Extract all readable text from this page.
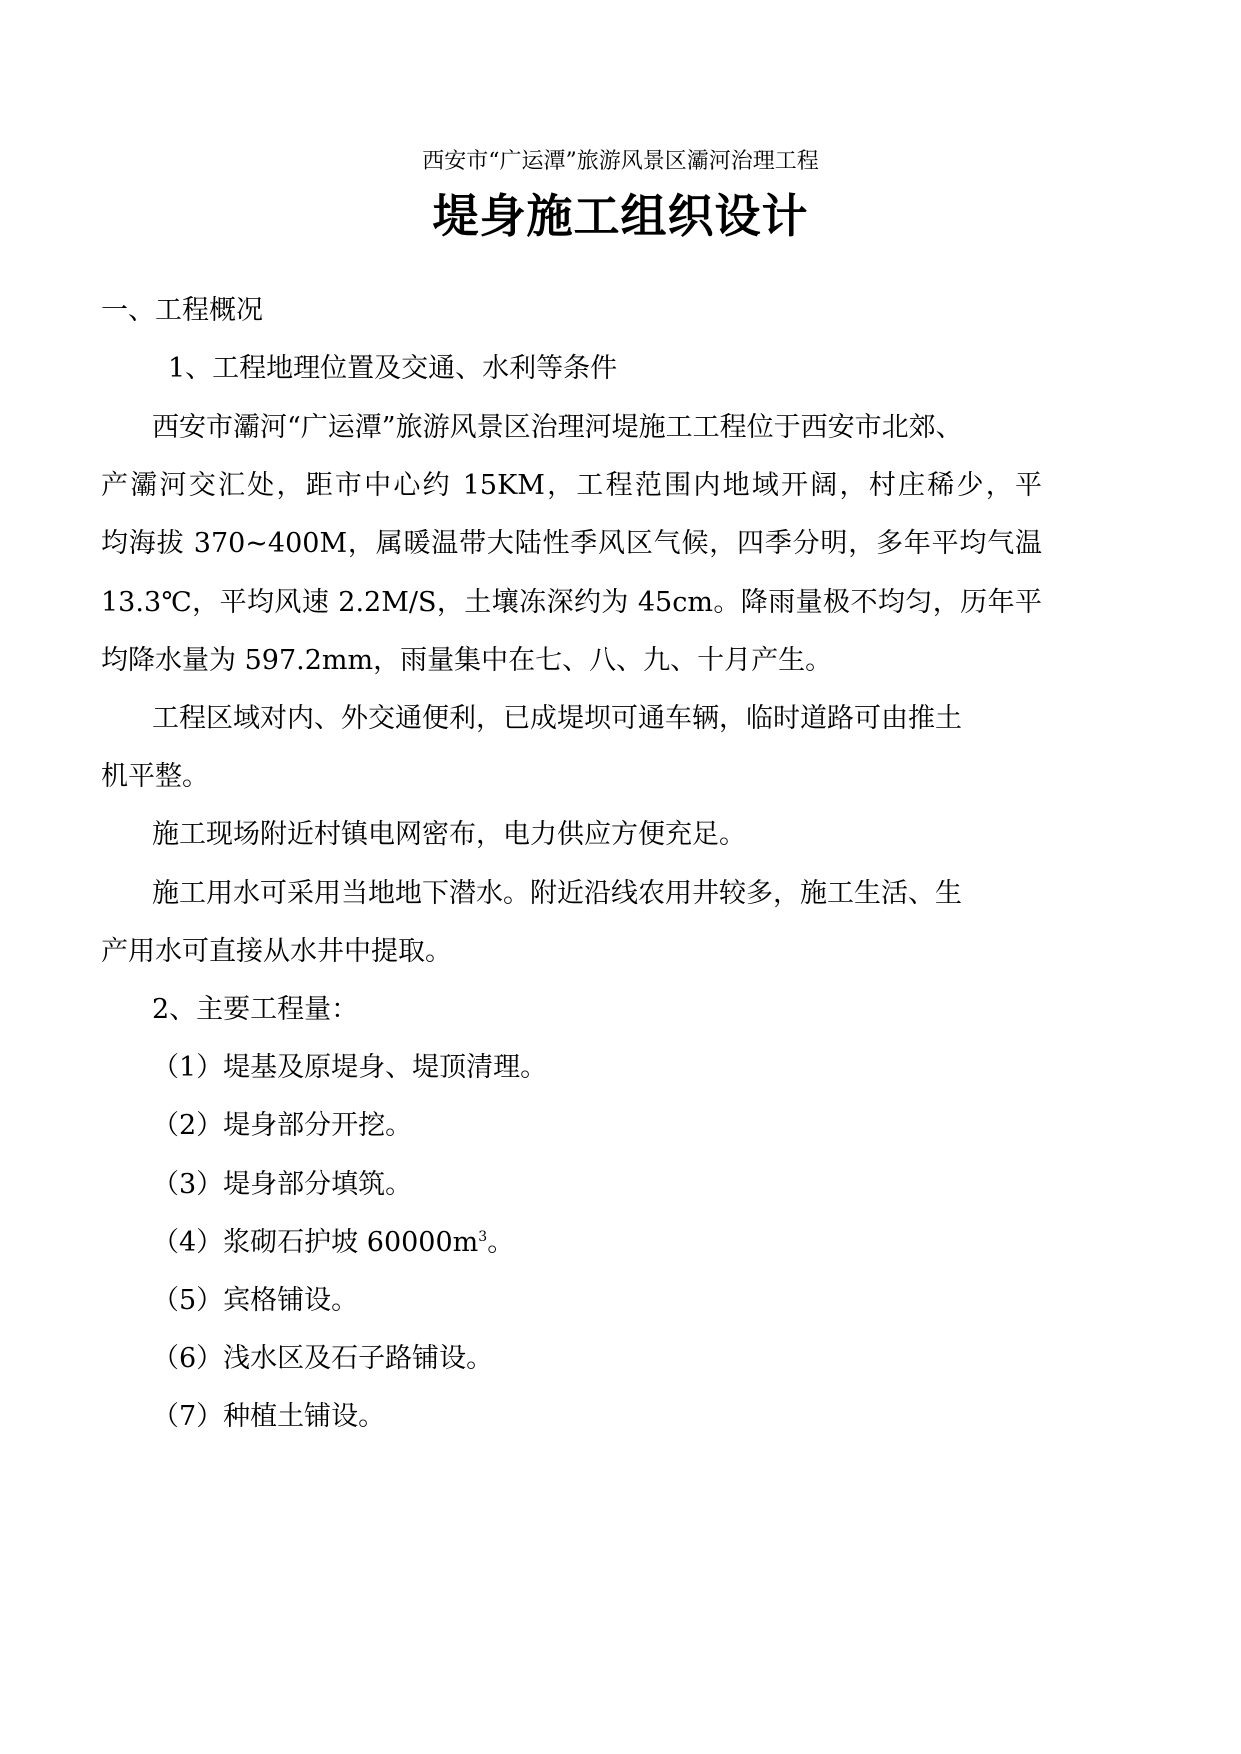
西安市“广运潭”旅游风景区灞河治理工程
堤身施工组织设计

一、工程概况

1、工程地理位置及交通、水利等条件

西安市灞河“广运潭”旅游风景区治理河堤施工工程位于西安市北郊、

产灞河交汇处，距市中心约 15KM，工程范围内地域开阔，村庄稀少，平

均海拔 370~400M，属暖温带大陆性季风区气候，四季分明，多年平均气温

13.3℃，平均风速 2.2M/S，土壤冻深约为 45cm。降雨量极不均匀，历年平

均降水量为 597.2mm，雨量集中在七、八、九、十月产生。

工程区域对内、外交通便利，已成堤坝可通车辆，临时道路可由推土

机平整。

施工现场附近村镇电网密布，电力供应方便充足。

施工用水可采用当地地下潜水。附近沿线农用井较多，施工生活、生

产用水可直接从水井中提取。

2、主要工程量：

（1）堤基及原堤身、堤顶清理。

（2）堤身部分开挖。

（3）堤身部分填筑。

（4）浆砌石护坡 $60000m^3$。

（5）宾格铺设。

（6）浅水区及石子路铺设。

（7）种植土铺设。
